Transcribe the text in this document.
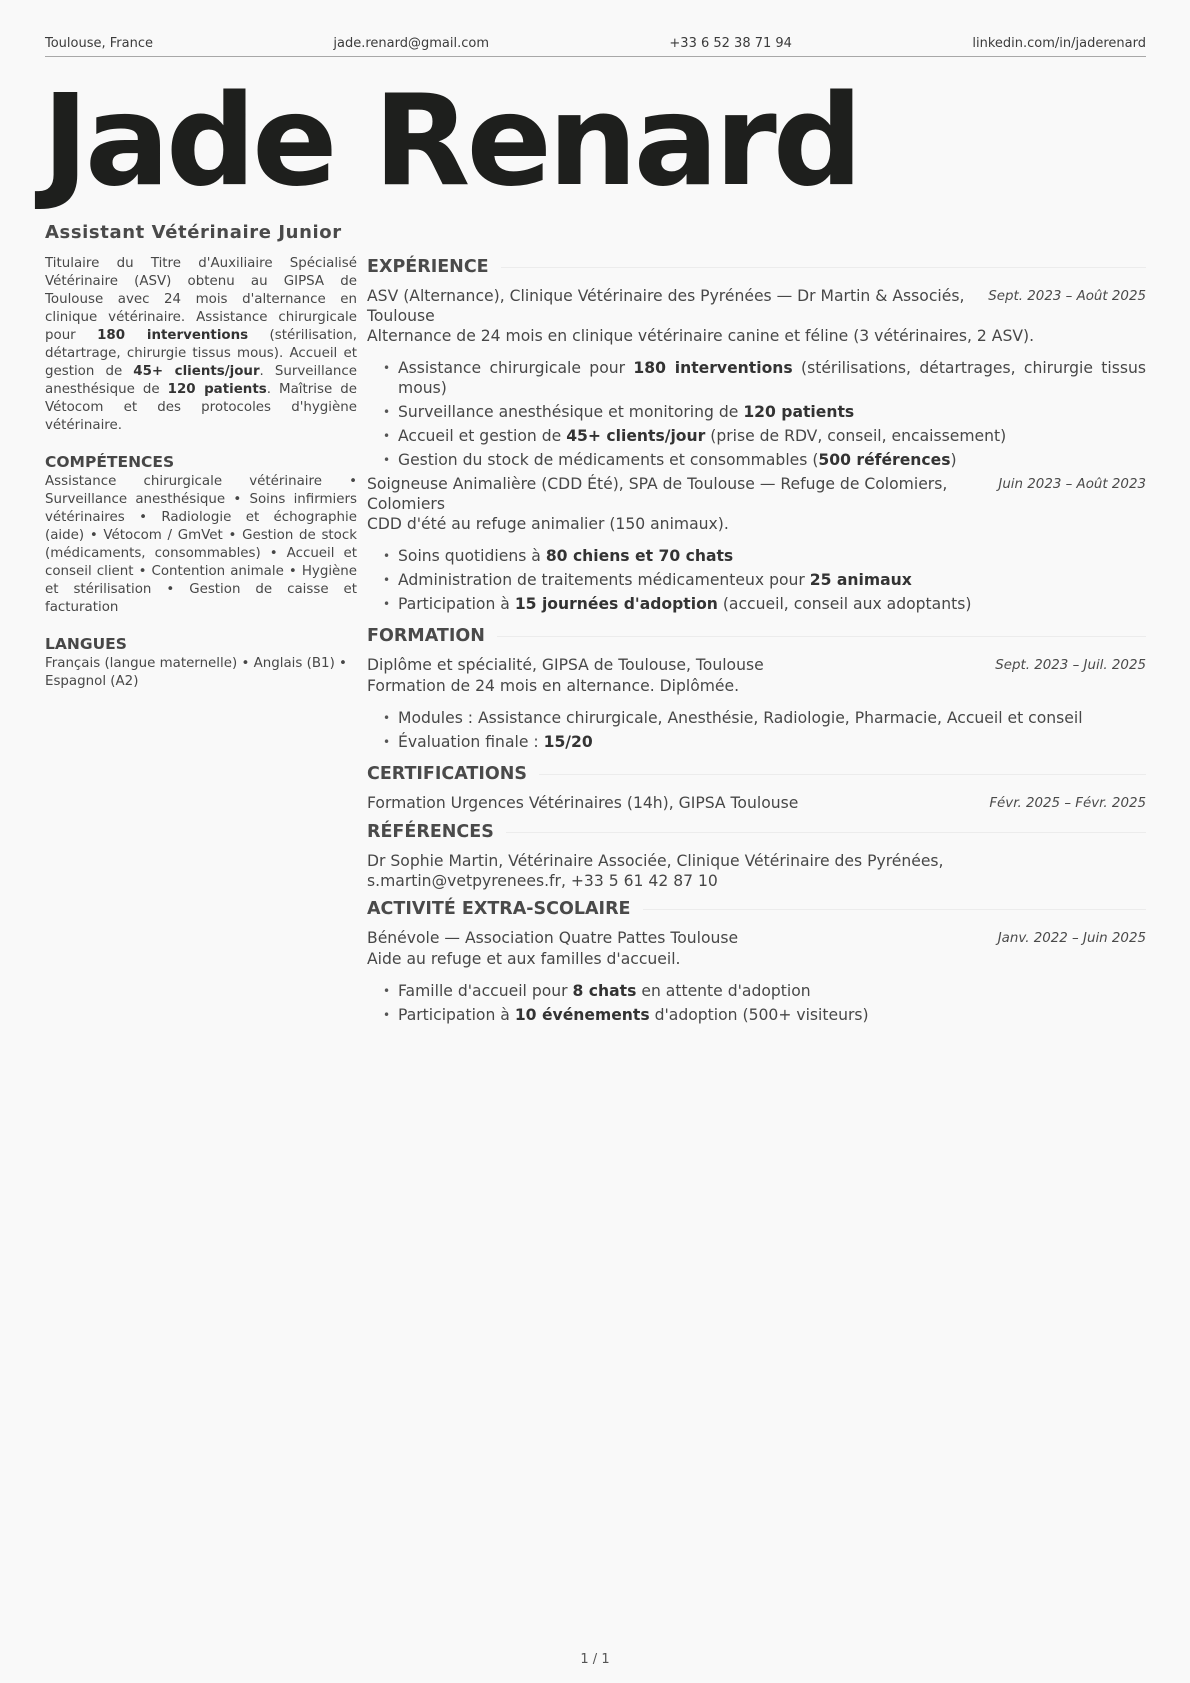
Toulouse, France	jade.renard@gmail.com	+33 6 52 38 71 94	linkedin.com/in/jaderenard
Jade Renard
Assistant Vétérinaire Junior

Titulaire du Titre d'Auxiliaire Spécialisé Vétérinaire (ASV) obtenu au GIPSA de Toulouse avec 24 mois d'alternance en clinique vétérinaire. Assistance chirurgicale pour 180 interventions (stérilisation, détartrage, chirurgie tissus mous). Accueil et gestion de 45+ clients/jour. Surveillance anesthésique de 120 patients. Maîtrise de Vétocom et des protocoles d'hygiène vétérinaire.

COMPÉTENCES

Assistance chirurgicale vétérinaire • Surveillance anesthésique • Soins infirmiers vétérinaires • Radiologie et échographie (aide) • Vétocom / GmVet • Gestion de stock (médicaments, consommables) • Accueil et conseil client • Contention animale • Hygiène et stérilisation • Gestion de caisse et facturation

LANGUES

Français (langue maternelle) • Anglais (B1) • Espagnol (A2)

EXPÉRIENCE
ASV (Alternance), Clinique Vétérinaire des Pyrénées — Dr Martin & Associés, Toulouse
Sept. 2023 – Août 2025

Alternance de 24 mois en clinique vétérinaire canine et féline (3 vétérinaires, 2 ASV).

• Assistance chirurgicale pour 180 interventions (stérilisations, détartrages, chirurgie tissus mous)
• Surveillance anesthésique et monitoring de 120 patients
• Accueil et gestion de 45+ clients/jour (prise de RDV, conseil, encaissement)
• Gestion du stock de médicaments et consommables (500 références)
Soigneuse Animalière (CDD Été), SPA de Toulouse — Refuge de Colomiers, Colomiers
Juin 2023 – Août 2023

CDD d'été au refuge animalier (150 animaux).

• Soins quotidiens à 80 chiens et 70 chats
• Administration de traitements médicamenteux pour 25 animaux
• Participation à 15 journées d'adoption (accueil, conseil aux adoptants)
FORMATION
Diplôme et spécialité, GIPSA de Toulouse, Toulouse	Sept. 2023 – Juil. 2025

Formation de 24 mois en alternance. Diplômée.

• Modules : Assistance chirurgicale, Anesthésie, Radiologie, Pharmacie, Accueil et conseil
• Évaluation finale : 15/20
CERTIFICATIONS
Formation Urgences Vétérinaires (14h), GIPSA Toulouse	Févr. 2025 – Févr. 2025
RÉFÉRENCES
Dr Sophie Martin, Vétérinaire Associée, Clinique Vétérinaire des Pyrénées, s.martin@vetpyrenees.fr, +33 5 61 42 87 10
ACTIVITÉ EXTRA-SCOLAIRE
Bénévole — Association Quatre Pattes Toulouse	Janv. 2022 – Juin 2025

Aide au refuge et aux familles d'accueil.

• Famille d'accueil pour 8 chats en attente d'adoption
• Participation à 10 événements d'adoption (500+ visiteurs)
1 / 1
